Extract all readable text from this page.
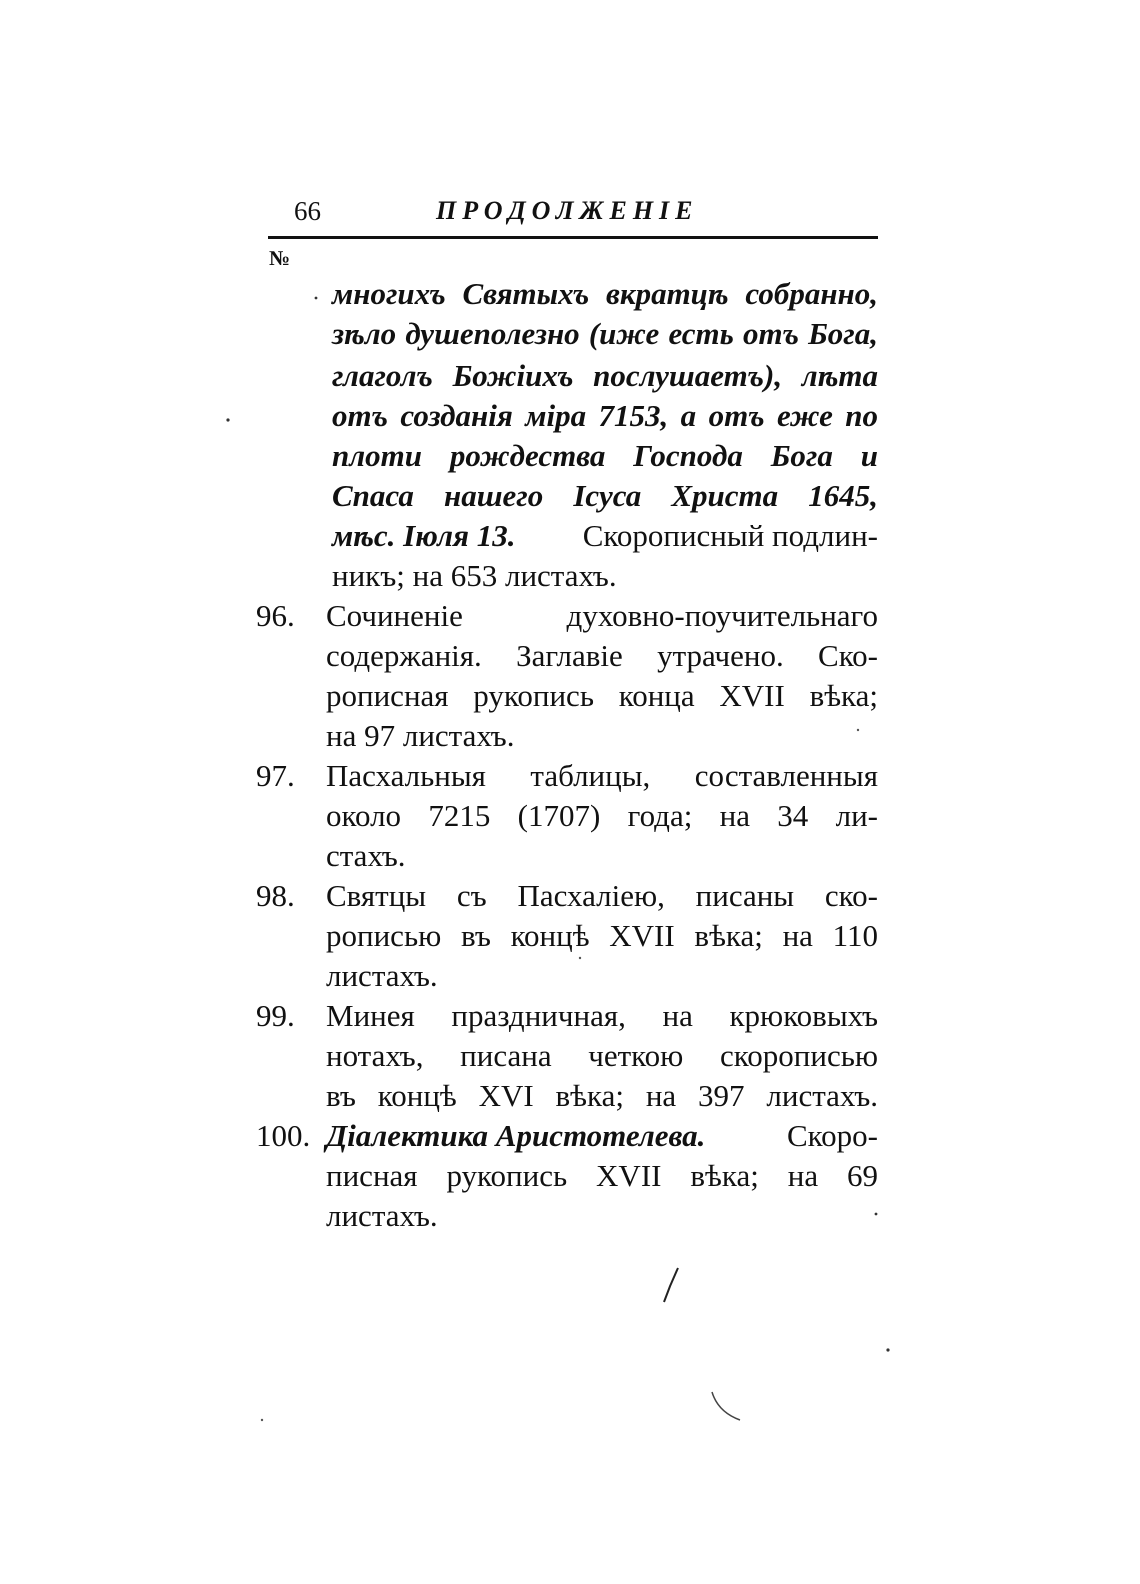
66	ПРОДОЛЖЕНІЕ
№
многихъ Святыхъ вкратцѣ собранно,
зѣло душеполезно (иже есть отъ Бога,
глаголъ Божіихъ послушаетъ), лѣта
отъ созданія міра 7153, а отъ еже по
плоти рождества Господа Бога и
Спаса нашего Ісуса Христа 1645,
мѣс. Іюля 13. Скорописный подлин-
никъ; на 653 листахъ.
96. Сочиненіе духовно-поучительнаго
содержанія. Заглавіе утрачено. Ско-
рописная рукопись конца XVII вѣка;
на 97 листахъ.
97. Пасхальныя таблицы, составленныя
около 7215 (1707) года; на 34 ли-
стахъ.
98. Святцы съ Пасхаліею, писаны ско-
рописью въ концѣ XVII вѣка; на 110
листахъ.
99. Минея праздничная, на крюковыхъ
нотахъ, писана четкою скорописью
въ концѣ XVI вѣка; на 397 листахъ.
100. Діалектика Аристотелева.	Скоро-
писная рукопись XVII вѣка; на 69
листахъ.
